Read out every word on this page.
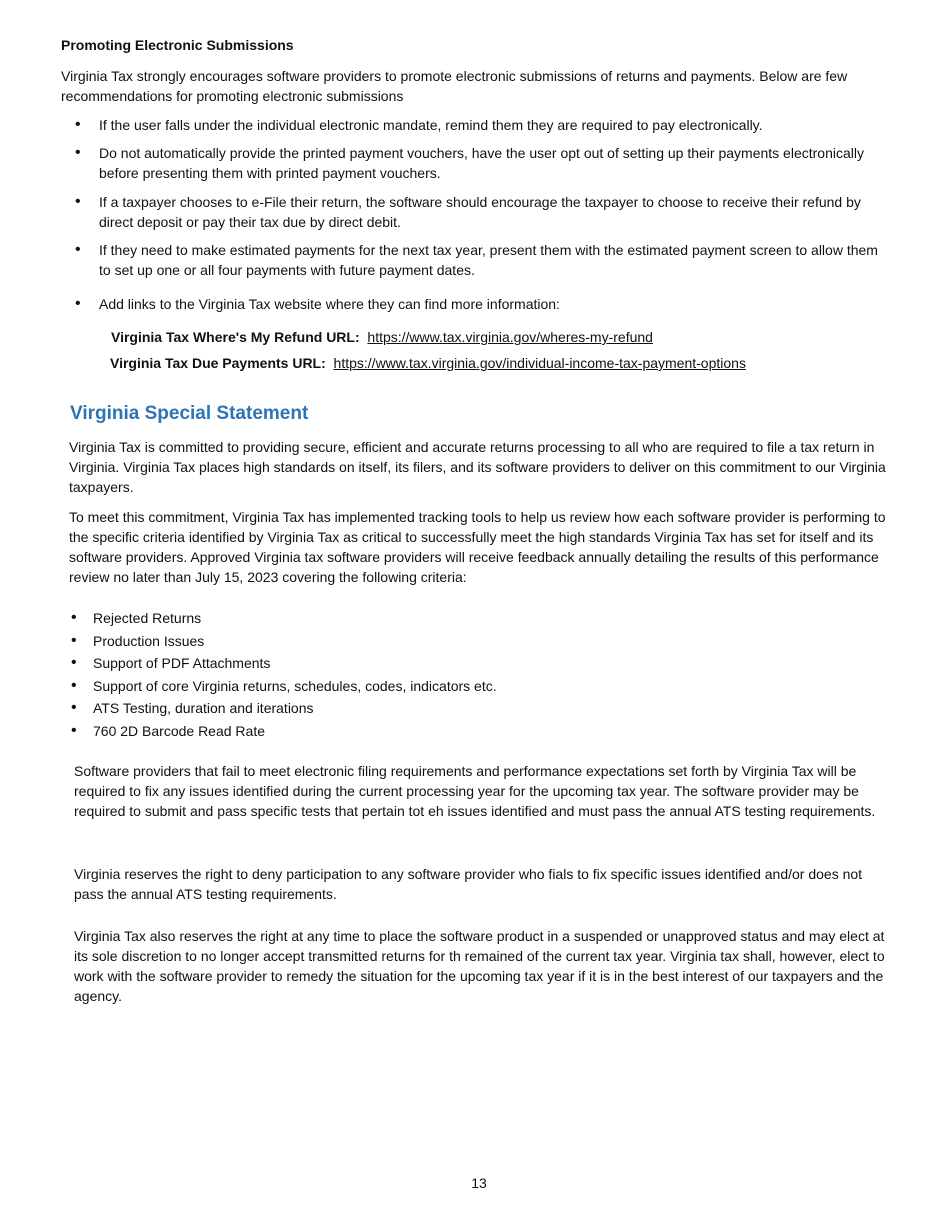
Promoting Electronic Submissions
Virginia Tax strongly encourages software providers to promote electronic submissions of returns and payments. Below are few recommendations for promoting electronic submissions
• If the user falls under the individual electronic mandate, remind them they are required to pay electronically.
• Do not automatically provide the printed payment vouchers, have the user opt out of setting up their payments electronically before presenting them with printed payment vouchers.
• If a taxpayer chooses to e-File their return, the software should encourage the taxpayer to choose to receive their refund by direct deposit or pay their tax due by direct debit.
• If they need to make estimated payments for the next tax year, present them with the estimated payment screen to allow them to set up one or all four payments with future payment dates.
• Add links to the Virginia Tax website where they can find more information:
Virginia Tax Where's My Refund URL: https://www.tax.virginia.gov/wheres-my-refund
Virginia Tax Due Payments URL: https://www.tax.virginia.gov/individual-income-tax-payment-options
Virginia Special Statement
Virginia Tax is committed to providing secure, efficient and accurate returns processing to all who are required to file a tax return in Virginia. Virginia Tax places high standards on itself, its filers, and its software providers to deliver on this commitment to our Virginia taxpayers.
To meet this commitment, Virginia Tax has implemented tracking tools to help us review how each software provider is performing to the specific criteria identified by Virginia Tax as critical to successfully meet the high standards Virginia Tax has set for itself and its software providers. Approved Virginia tax software providers will receive feedback annually detailing the results of this performance review no later than July 15, 2023 covering the following criteria:
• Rejected Returns
• Production Issues
• Support of PDF Attachments
• Support of core Virginia returns, schedules, codes, indicators etc.
• ATS Testing, duration and iterations
• 760 2D Barcode Read Rate
Software providers that fail to meet electronic filing requirements and performance expectations set forth by Virginia Tax will be required to fix any issues identified during the current processing year for the upcoming tax year. The software provider may be required to submit and pass specific tests that pertain tot eh issues identified and must pass the annual ATS testing requirements.
Virginia reserves the right to deny participation to any software provider who fials to fix specific issues identified and/or does not pass the annual ATS testing requirements.
Virginia Tax also reserves the right at any time to place the software product in a suspended or unapproved status and may elect at its sole discretion to no longer accept transmitted returns for th remained of the current tax year. Virginia tax shall, however, elect to work with the software provider to remedy the situation for the upcoming tax year if it is in the best interest of our taxpayers and the agency.
13
